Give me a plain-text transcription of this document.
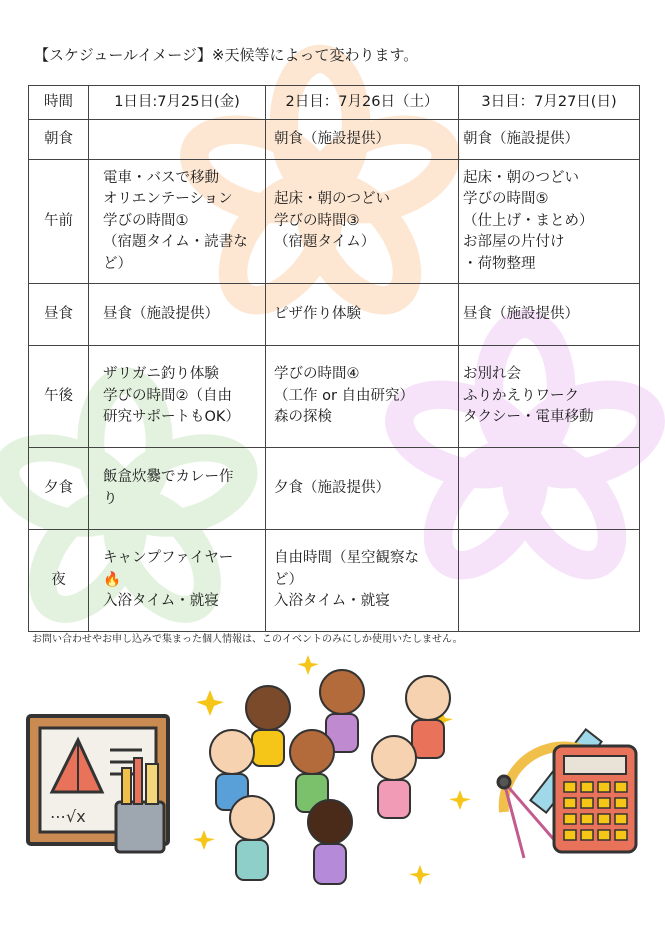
【スケジュールイメージ】※天候等によって変わります。
時間	1日目:7月25日(金)	2日目：7月26日（土）	3日目：7月27日(日)
朝食		朝食（施設提供）	朝食（施設提供）

午前	電車・バスで移動
オリエンテーション
学びの時間①
（宿題タイム・読書な
ど）	起床・朝のつどい
学びの時間③
（宿題タイム）	起床・朝のつどい
学びの時間⑤
（仕上げ・まとめ）
お部屋の片付け
・荷物整理

昼食	昼食（施設提供）	ピザ作り体験	昼食（施設提供）

午後	ザリガニ釣り体験
学びの時間②（自由
研究サポートもOK）	学びの時間④
（工作 or 自由研究）
森の探検	お別れ会
ふりかえりワーク
タクシー・電車移動

夕食	飯盒炊爨でカレー作
り	夕食（施設提供）	

夜	キャンプファイヤー
🔥
入浴タイム・就寝	自由時間（星空観察な
ど）
入浴タイム・就寝	

お問い合わせやお申し込みで集まった個人情報は、このイベントのみにしか使用いたしません。
⋯√x
